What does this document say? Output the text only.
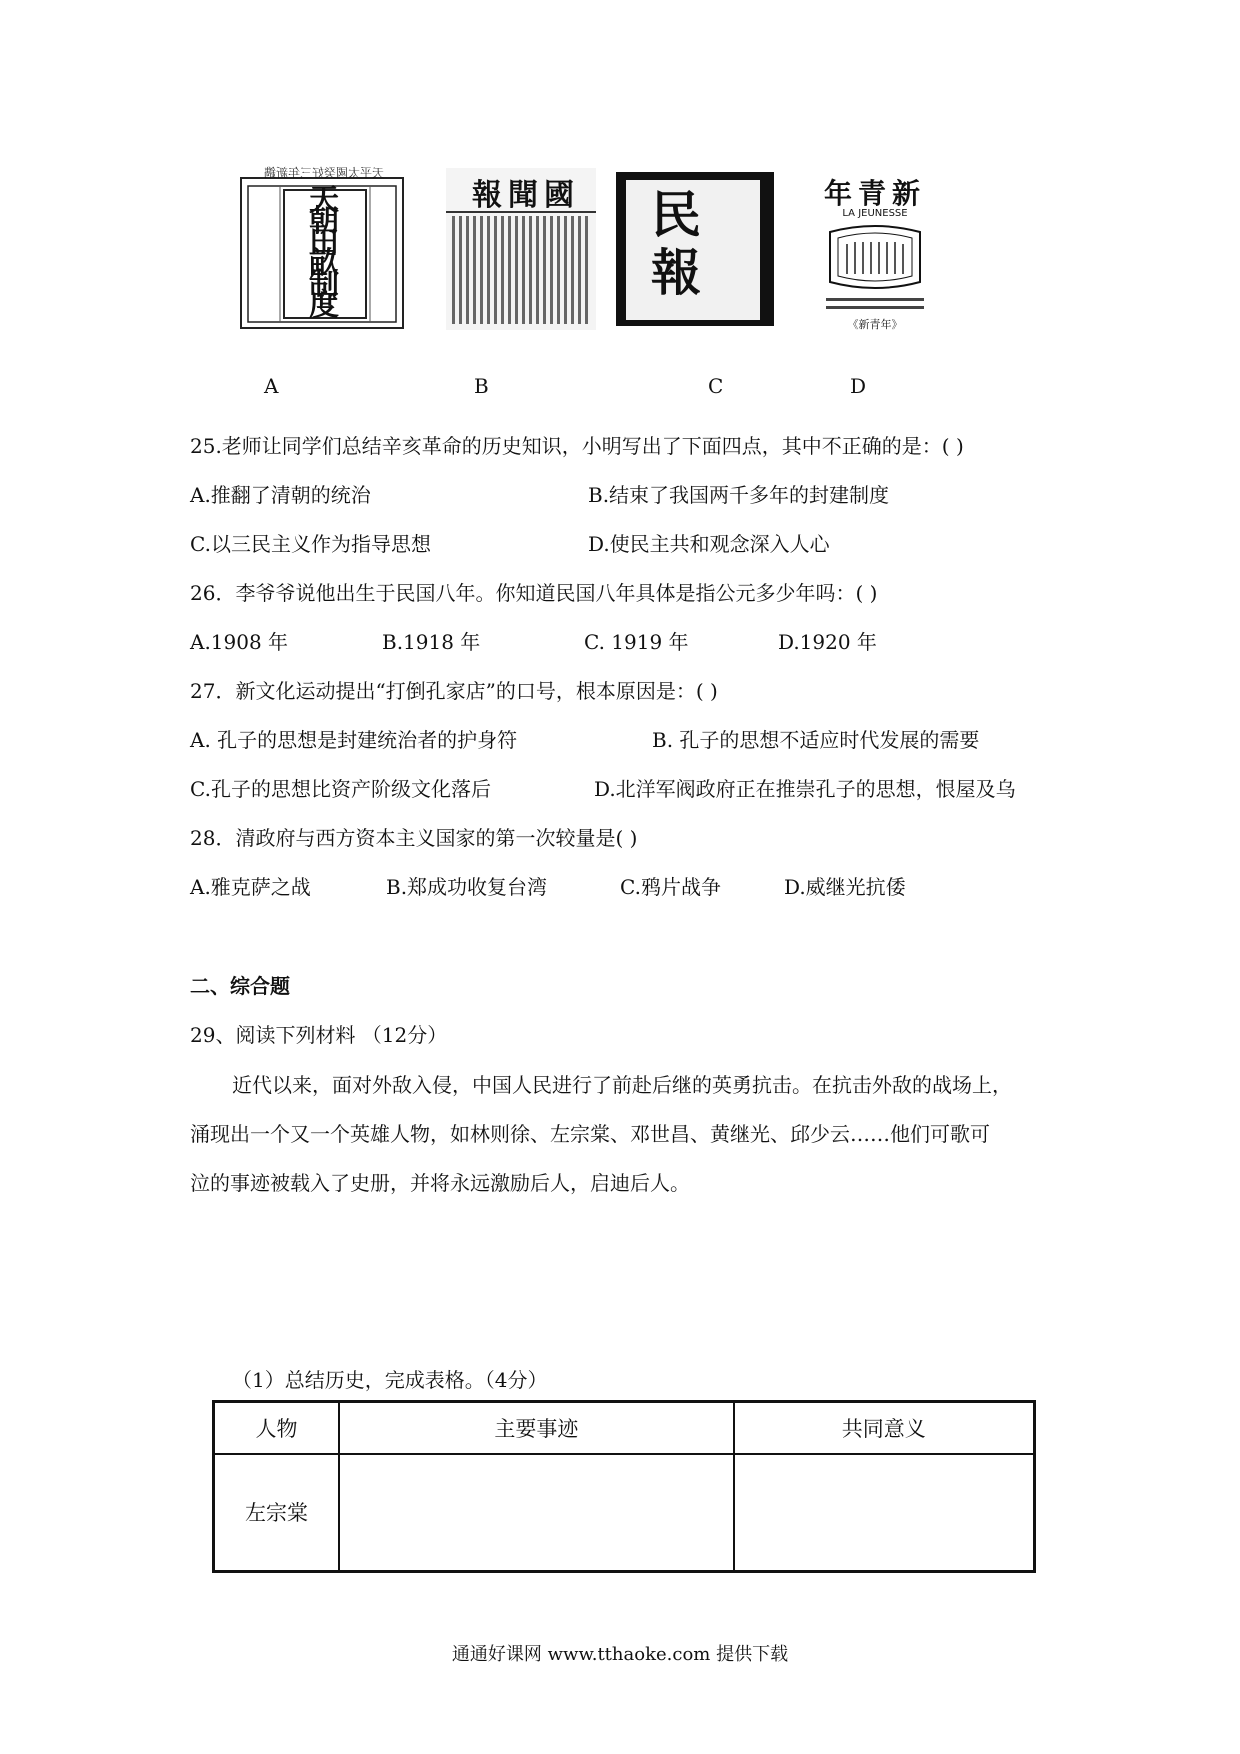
天平太國癸好三年新鐫
天朝田畝制度
國聞報 民報
新青年
LA JEUNESSE
《新青年》
A	B	C	D
25.老师让同学们总结辛亥革命的历史知识，小明写出了下面四点，其中不正确的是：( )
A.推翻了清朝的统治	B.结束了我国两千多年的封建制度
C.以三民主义作为指导思想	D.使民主共和观念深入人心
26．李爷爷说他出生于民国八年。你知道民国八年具体是指公元多少年吗：( )
A.1908 年	B.1918 年	C. 1919 年	D.1920 年
27．新文化运动提出“打倒孔家店”的口号，根本原因是：( )
A. 孔子的思想是封建统治者的护身符	B. 孔子的思想不适应时代发展的需要
C.孔子的思想比资产阶级文化落后	D.北洋军阀政府正在推崇孔子的思想，恨屋及乌
28．清政府与西方资本主义国家的第一次较量是( )
A.雅克萨之战	B.郑成功收复台湾	C.鸦片战争	D.威继光抗倭
二、综合题
29、阅读下列材料 （12分）
近代以来，面对外敌入侵，中国人民进行了前赴后继的英勇抗击。在抗击外敌的战场上，
涌现出一个又一个英雄人物，如林则徐、左宗棠、邓世昌、黄继光、邱少云……他们可歌可
泣的事迹被载入了史册，并将永远激励后人，启迪后人。
（1）总结历史，完成表格。（4分）
人物	主要事迹	共同意义
左宗棠		
通通好课网 www.tthaoke.com 提供下载
